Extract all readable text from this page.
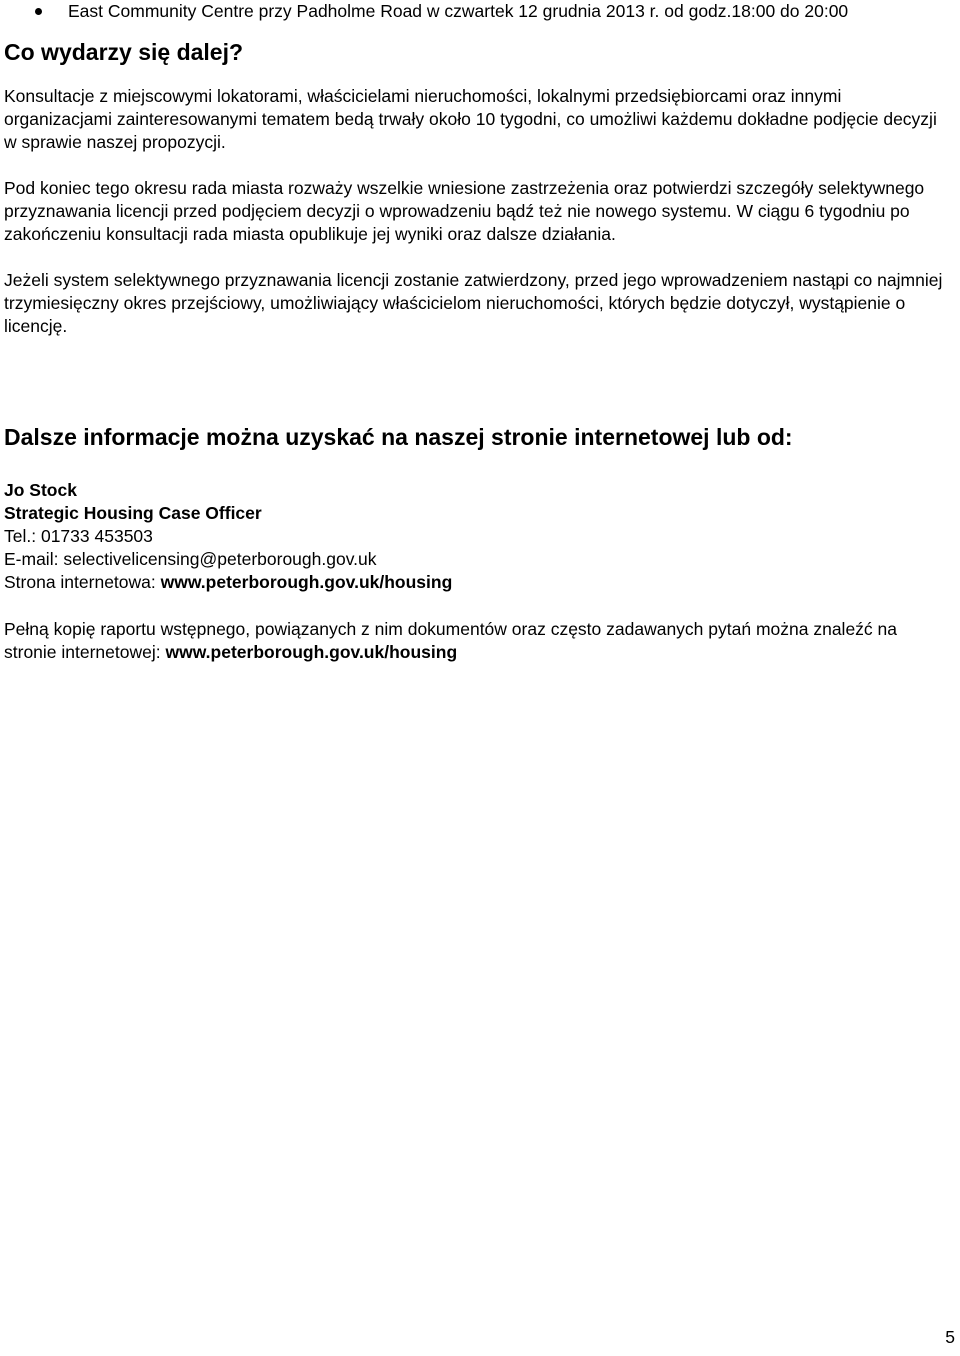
East Community Centre przy Padholme Road w czwartek 12 grudnia 2013 r. od godz.18:00 do 20:00
Co wydarzy się dalej?

Konsultacje z miejscowymi lokatorami, właścicielami nieruchomości, lokalnymi przedsiębiorcami oraz innymi organizacjami zainteresowanymi tematem bedą trwały około 10 tygodni, co umożliwi każdemu dokładne podjęcie decyzji w sprawie naszej propozycji.

Pod koniec tego okresu rada miasta rozważy wszelkie wniesione zastrzeżenia oraz potwierdzi szczegóły selektywnego przyznawania licencji przed podjęciem decyzji o wprowadzeniu bądź też nie nowego systemu. W ciągu 6 tygodniu po zakończeniu konsultacji rada miasta opublikuje jej wyniki oraz dalsze działania.

Jeżeli system selektywnego przyznawania licencji zostanie zatwierdzony, przed jego wprowadzeniem nastąpi co najmniej trzymiesięczny okres przejściowy, umożliwiający właścicielom nieruchomości, których będzie dotyczył, wystąpienie o licencję.

Dalsze informacje można uzyskać na naszej stronie internetowej lub od:
Jo Stock
Strategic Housing Case Officer
Tel.: 01733 453503
E-mail: selectivelicensing@peterborough.gov.uk
Strona internetowa: www.peterborough.gov.uk/housing

Pełną kopię raportu wstępnego, powiązanych z nim dokumentów oraz często zadawanych pytań można znaleźć na stronie internetowej: www.peterborough.gov.uk/housing

5
